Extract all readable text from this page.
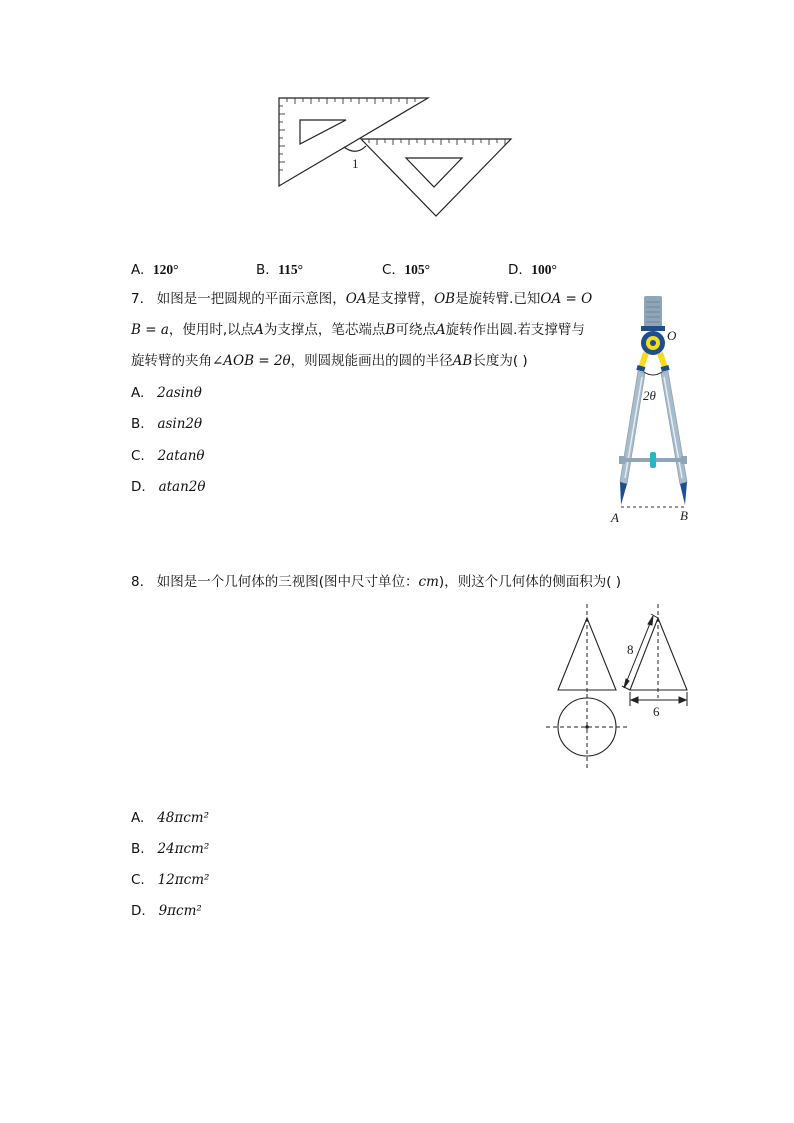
1
A. 120°	B. 115°	C. 105°	D. 100°
7. 如图是一把圆规的平面示意图，OA是支撑臂，OB是旋转臂.已知OA = O
B = a，使用时,以点A为支撑点，笔芯端点B可绕点A旋转作出圆.若支撑臂与
旋转臂的夹角∠AOB = 2θ，则圆规能画出的圆的半径AB长度为( )
A. 2asinθ
B. asin2θ
C. 2atanθ
D. atan2θ
O
2θ
A	B
8. 如图是一个几何体的三视图(图中尺寸单位：cm)，则这个几何体的侧面积为( )
8
6
A. 48πcm²
B. 24πcm²
C. 12πcm²
D. 9πcm²
